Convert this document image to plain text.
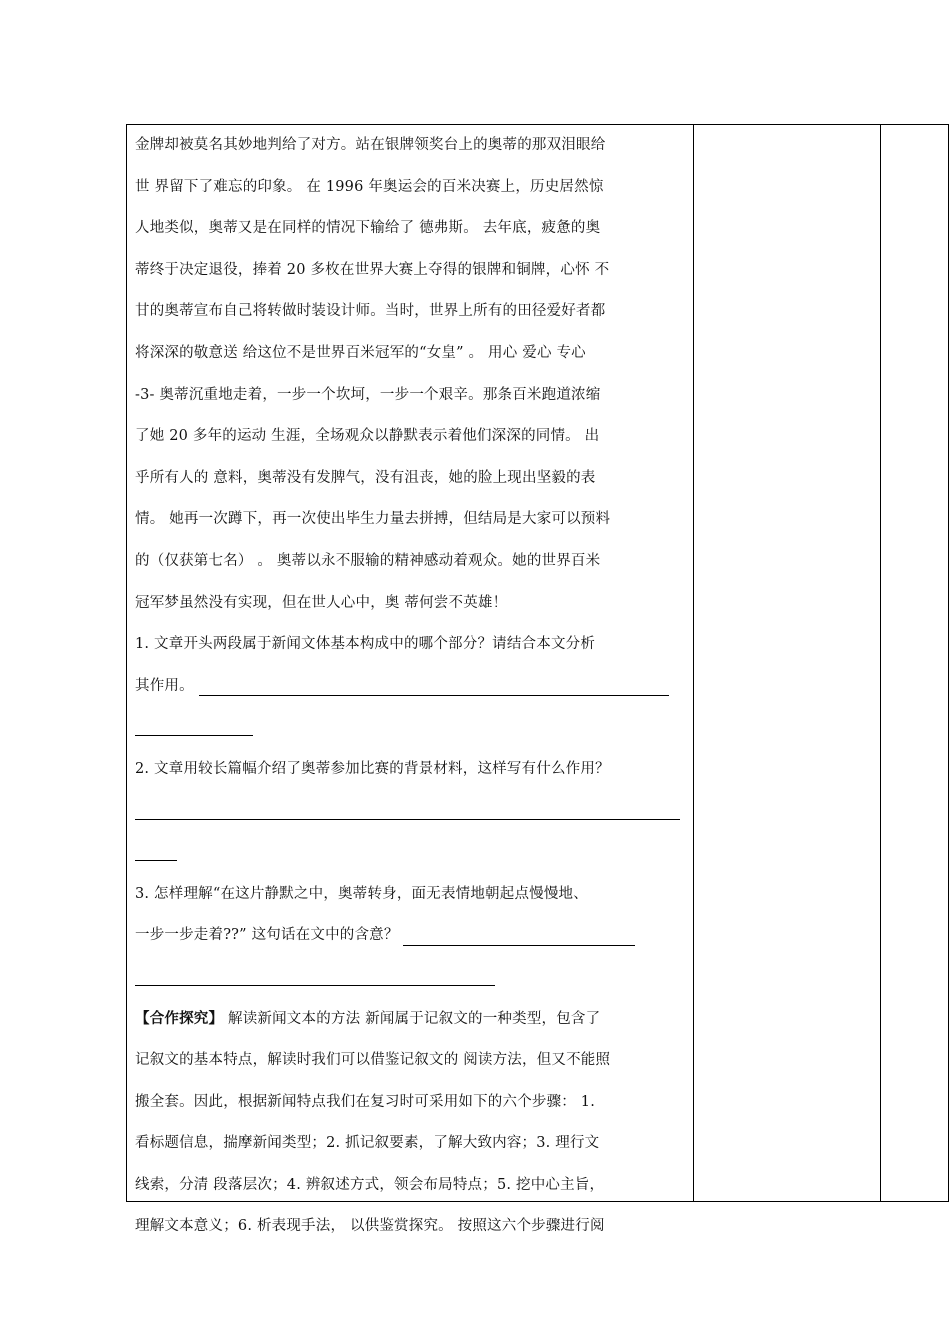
金牌却被莫名其妙地判给了对方。站在银牌领奖台上的奥蒂的那双泪眼给
世 界留下了难忘的印象。 在 1996 年奥运会的百米决赛上，历史居然惊
人地类似，奥蒂又是在同样的情况下输给了 德弗斯。 去年底，疲惫的奥
蒂终于决定退役，捧着 20 多枚在世界大赛上夺得的银牌和铜牌，心怀 不
甘的奥蒂宣布自己将转做时装设计师。当时，世界上所有的田径爱好者都
将深深的敬意送 给这位不是世界百米冠军的“女皇” 。 用心 爱心 专心
-3- 奥蒂沉重地走着，一步一个坎坷，一步一个艰辛。那条百米跑道浓缩
了她 20 多年的运动 生涯，全场观众以静默表示着他们深深的同情。 出
乎所有人的 意料，奥蒂没有发脾气，没有沮丧，她的脸上现出坚毅的表
情。 她再一次蹲下，再一次使出毕生力量去拼搏，但结局是大家可以预料
的（仅获第七名） 。 奥蒂以永不服输的精神感动着观众。她的世界百米
冠军梦虽然没有实现，但在世人心中，奥 蒂何尝不英雄！
1. 文章开头两段属于新闻文体基本构成中的哪个部分？请结合本文分析
其作用。
2. 文章用较长篇幅介绍了奥蒂参加比赛的背景材料，这样写有什么作用？
3. 怎样理解“在这片静默之中，奥蒂转身，面无表情地朝起点慢慢地、
一步一步走着??” 这句话在文中的含意？
【合作探究】 解读新闻文本的方法 新闻属于记叙文的一种类型，包含了
记叙文的基本特点，解读时我们可以借鉴记叙文的 阅读方法，但又不能照
搬全套。因此，根据新闻特点我们在复习时可采用如下的六个步骤： 1.
看标题信息，揣摩新闻类型；2. 抓记叙要素，了解大致内容；3. 理行文
线索，分清 段落层次；4. 辨叙述方式，领会布局特点；5. 挖中心主旨，
理解文本意义；6. 析表现手法， 以供鉴赏探究。 按照这六个步骤进行阅
